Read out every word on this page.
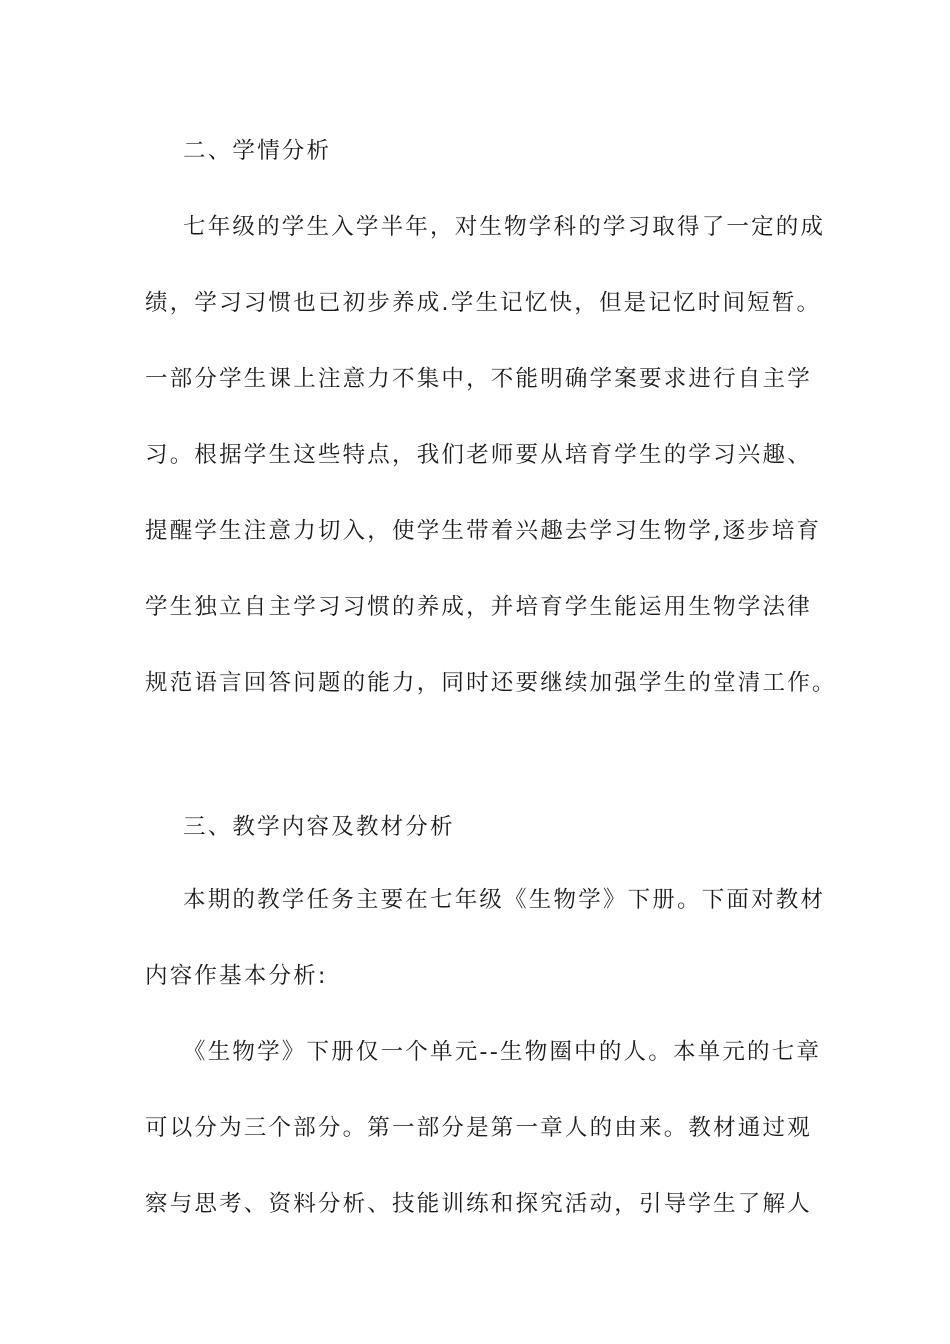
二、学情分析
七年级的学生入学半年，对生物学科的学习取得了一定的成
绩，学习习惯也已初步养成.学生记忆快，但是记忆时间短暂。
一部分学生课上注意力不集中，不能明确学案要求进行自主学
习。根据学生这些特点，我们老师要从培育学生的学习兴趣、
提醒学生注意力切入，使学生带着兴趣去学习生物学,逐步培育
学生独立自主学习习惯的养成，并培育学生能运用生物学法律
规范语言回答问题的能力，同时还要继续加强学生的堂清工作。
三、教学内容及教材分析
本期的教学任务主要在七年级《生物学》下册。下面对教材
内容作基本分析:
《生物学》下册仅一个单元--生物圈中的人。本单元的七章
可以分为三个部分。第一部分是第一章人的由来。教材通过观
察与思考、资料分析、技能训练和探究活动，引导学生了解人
